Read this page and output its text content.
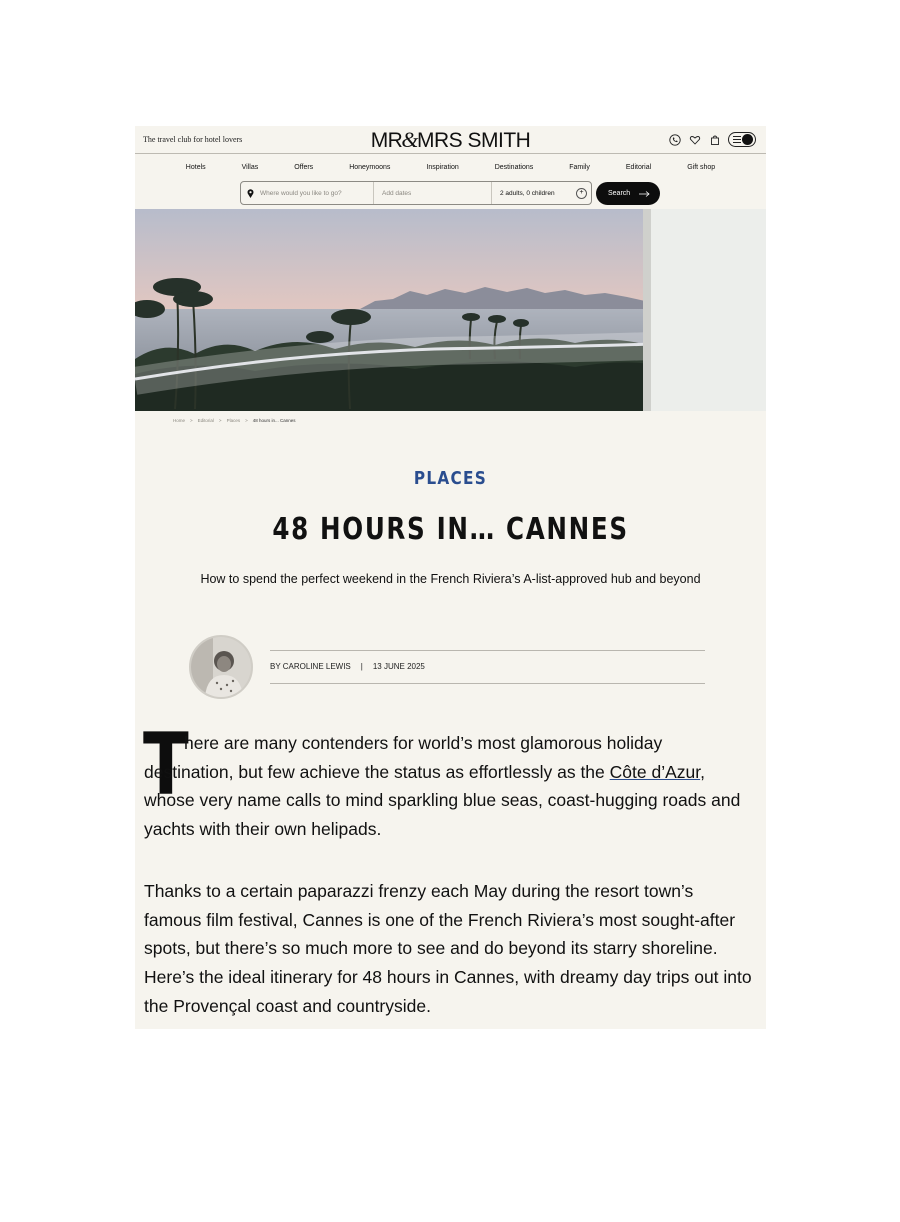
The travel club for hotel lovers	MR&MRS SMITH
Hotels	Villas	Offers	Honeymoons	Inspiration	Destinations	Family	Editorial	Gift shop
Where would you like to go?	Add dates	2 adults, 0 children	+	Search
Home > Editorial > Places > 48 hours in... Cannes
PLACES
48 HOURS IN… CANNES
How to spend the perfect weekend in the French Riviera’s A-list-approved hub and beyond
BY CAROLINE LEWIS | 13 JUNE 2025
T

here are many contenders for world’s most glamorous holiday destination, but few achieve the status as effortlessly as the Côte d’Azur, whose very name calls to mind sparkling blue seas, coast-hugging roads and yachts with their own helipads.

Thanks to a certain paparazzi frenzy each May during the resort town’s famous film festival, Cannes is one of the French Riviera’s most sought-after spots, but there’s so much more to see and do beyond its starry shoreline. Here’s the ideal itinerary for 48 hours in Cannes, with dreamy day trips out into the Provençal coast and countryside.
